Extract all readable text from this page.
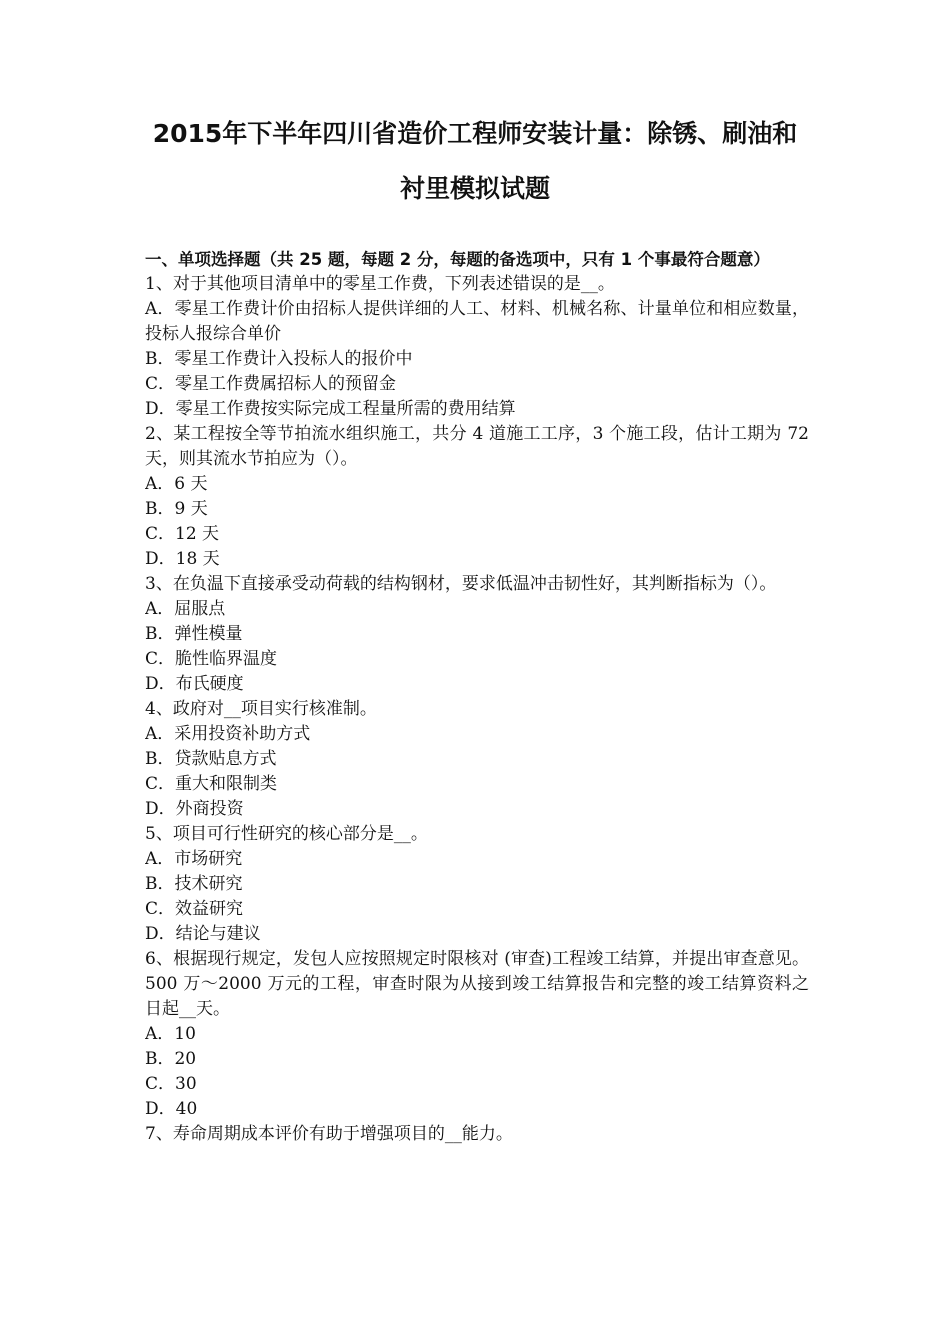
2015年下半年四川省造价工程师安装计量：除锈、刷油和
衬里模拟试题
一、单项选择题（共 25 题，每题 2 分，每题的备选项中，只有 1 个事最符合题意）
1、对于其他项目清单中的零星工作费，下列表述错误的是__。
A．零星工作费计价由招标人提供详细的人工、材料、机械名称、计量单位和相应数量，投标人报综合单价
B．零星工作费计入投标人的报价中
C．零星工作费属招标人的预留金
D．零星工作费按实际完成工程量所需的费用结算
2、某工程按全等节拍流水组织施工，共分 4 道施工工序，3 个施工段，估计工期为 72 天，则其流水节拍应为（）。
A．6 天
B．9 天
C．12 天
D．18 天
3、在负温下直接承受动荷载的结构钢材，要求低温冲击韧性好，其判断指标为（）。
A．屈服点
B．弹性模量
C．脆性临界温度
D．布氏硬度
4、政府对__项目实行核准制。
A．采用投资补助方式
B．贷款贴息方式
C．重大和限制类
D．外商投资
5、项目可行性研究的核心部分是__。
A．市场研究
B．技术研究
C．效益研究
D．结论与建议
6、根据现行规定，发包人应按照规定时限核对 (审查)工程竣工结算，并提出审查意见。500 万～2000 万元的工程，审查时限为从接到竣工结算报告和完整的竣工结算资料之日起__天。
A．10
B．20
C．30
D．40
7、寿命周期成本评价有助于增强项目的__能力。
